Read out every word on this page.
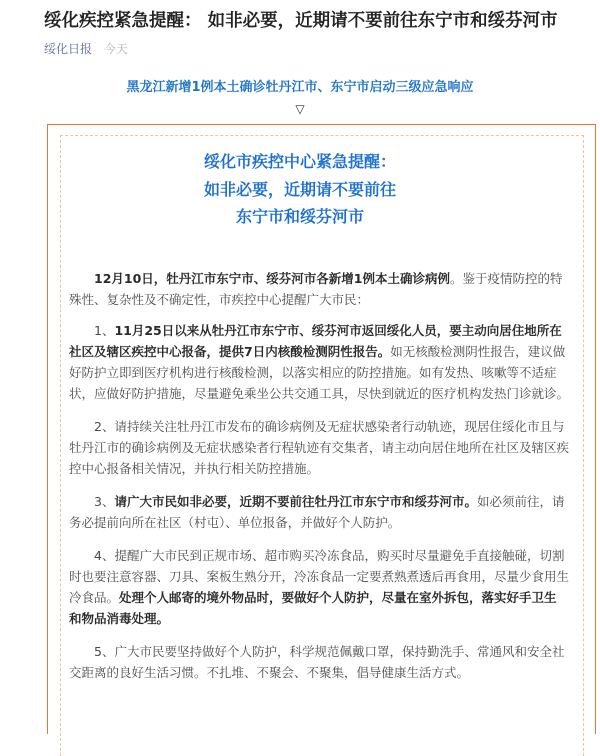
绥化疾控紧急提醒： 如非必要，近期请不要前往东宁市和绥芬河市
绥化日报 今天
黑龙江新增1例本土确诊牡丹江市、东宁市启动三级应急响应
▽
绥化市疾控中心紧急提醒：
如非必要，近期请不要前往
东宁市和绥芬河市

12月10日，牡丹江市东宁市、绥芬河市各新增1例本土确诊病例。鉴于疫情防控的特殊性、复杂性及不确定性，市疾控中心提醒广大市民：

1、11月25日以来从牡丹江市东宁市、绥芬河市返回绥化人员，要主动向居住地所在社区及辖区疾控中心报备，提供7日内核酸检测阴性报告。如无核酸检测阴性报告，建议做好防护立即到医疗机构进行核酸检测，以落实相应的防控措施。如有发热、咳嗽等不适症状，应做好防护措施，尽量避免乘坐公共交通工具，尽快到就近的医疗机构发热门诊就诊。

2、请持续关注牡丹江市发布的确诊病例及无症状感染者行动轨迹，现居住绥化市且与牡丹江市的确诊病例及无症状感染者行程轨迹有交集者，请主动向居住地所在社区及辖区疾控中心报备相关情况，并执行相关防控措施。

3、请广大市民如非必要，近期不要前往牡丹江市东宁市和绥芬河市。如必须前往，请务必提前向所在社区（村屯）、单位报备，并做好个人防护。

4、提醒广大市民到正规市场、超市购买冷冻食品，购买时尽量避免手直接触碰，切割时也要注意容器、刀具、案板生熟分开，冷冻食品一定要煮熟煮透后再食用，尽量少食用生冷食品。处理个人邮寄的境外物品时，要做好个人防护，尽量在室外拆包，落实好手卫生和物品消毒处理。

5、广大市民要坚持做好个人防护，科学规范佩戴口罩，保持勤洗手、常通风和安全社交距离的良好生活习惯。不扎堆、不聚会、不聚集，倡导健康生活方式。
